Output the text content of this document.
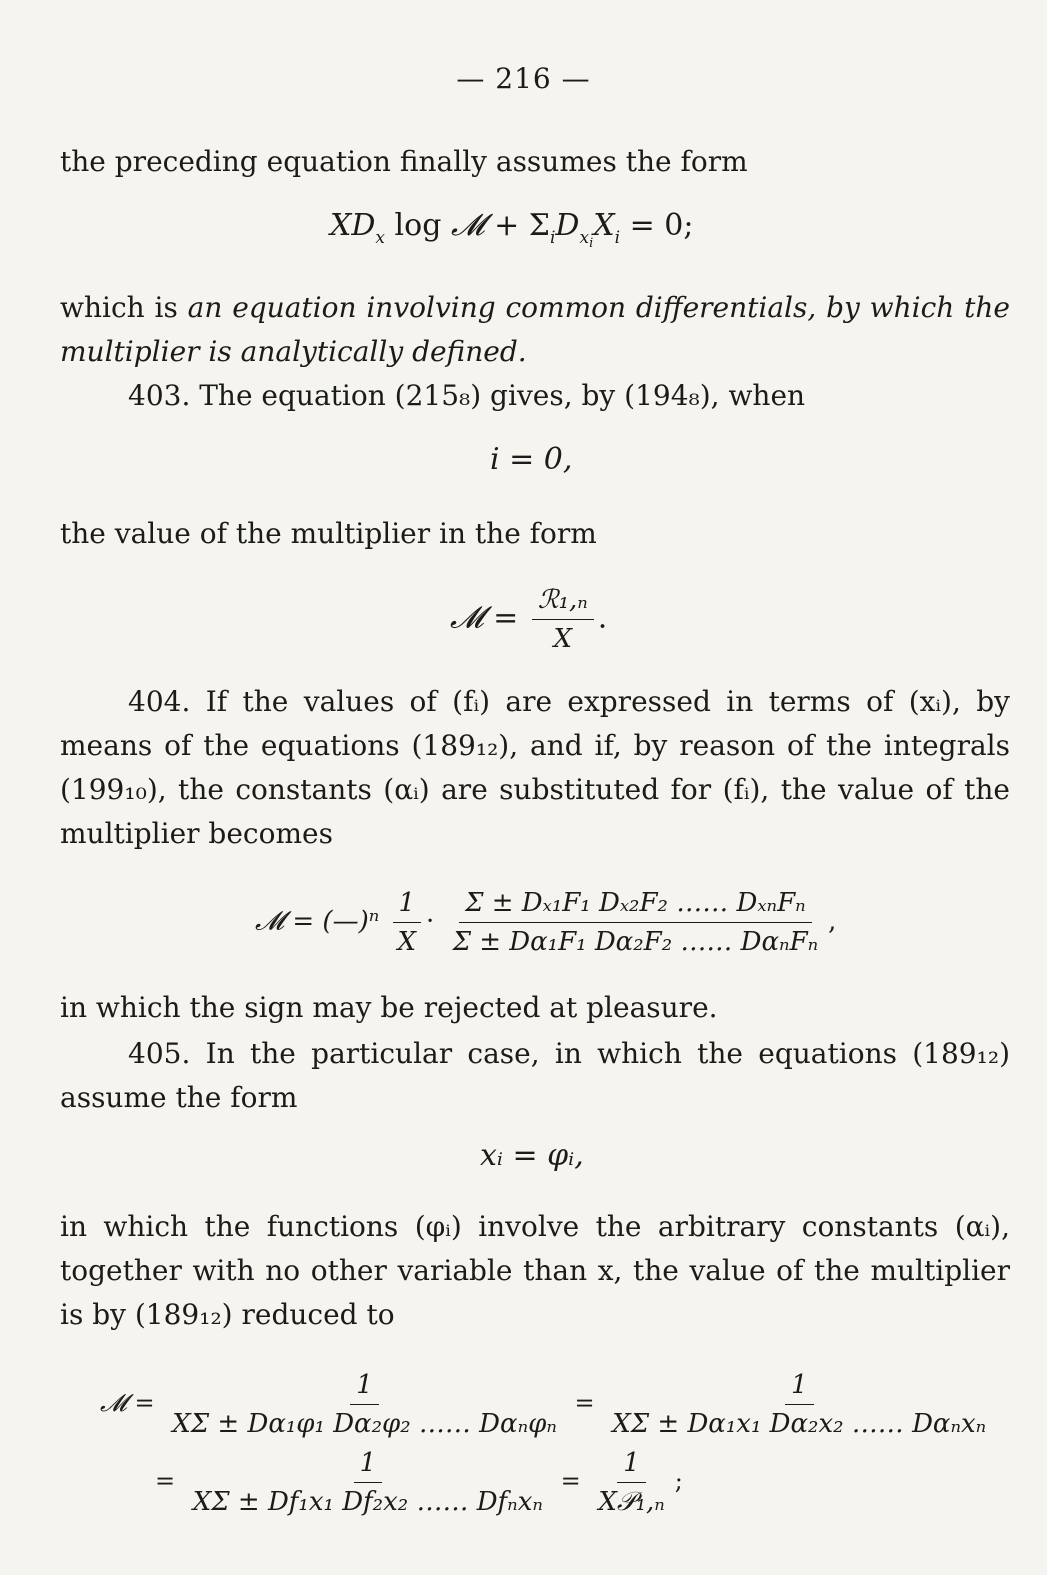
— 216 —

the preceding equation finally assumes the form

$XD_x$ log 𝓜 + $\Sigma_iD_{xi}X_i = 0$;

which is an equation involving common differentials, by which the multiplier is analytically defined.

403. The equation (215₈) gives, by (194₈), when

i = 0,

the value of the multiplier in the form

𝓜 = $\frac{\text{ℛ₁,ₙ}}{X}$ .

404. If the values of (fᵢ) are expressed in terms of (xᵢ), by means of the equations (189₁₂), and if, by reason of the integrals (199₁₀), the constants (αᵢ) are substituted for (fᵢ), the value of the multiplier becomes

𝓜 = (—)ⁿ $\frac{1}{X} \cdot \frac{\text{Σ ± Dₓ₁F₁ Dₓ₂F₂ …… DₓₙFₙ}}{\text{Σ ± Dα₁F₁ Dα₂F₂ …… DαₙFₙ}}$ ,

in which the sign may be rejected at pleasure.

405. In the particular case, in which the equations (189₁₂) assume the form

xᵢ = φᵢ,

in which the functions (φᵢ) involve the arbitrary constants (αᵢ), together with no other variable than x, the value of the multiplier is by (189₁₂) reduced to

𝓜 = $\frac{1}{\text{XΣ ± Dα₁φ₁ Dα₂φ₂ …… Dαₙφₙ}} = \frac{1}{\text{XΣ ± Dα₁x₁ Dα₂x₂ …… Dαₙxₙ}}$
= $\frac{1}{\text{XΣ ± Df₁x₁ Df₂x₂ …… Dfₙxₙ}} = \frac{1}{\text{X𝒫₁,ₙ}}$ ;
